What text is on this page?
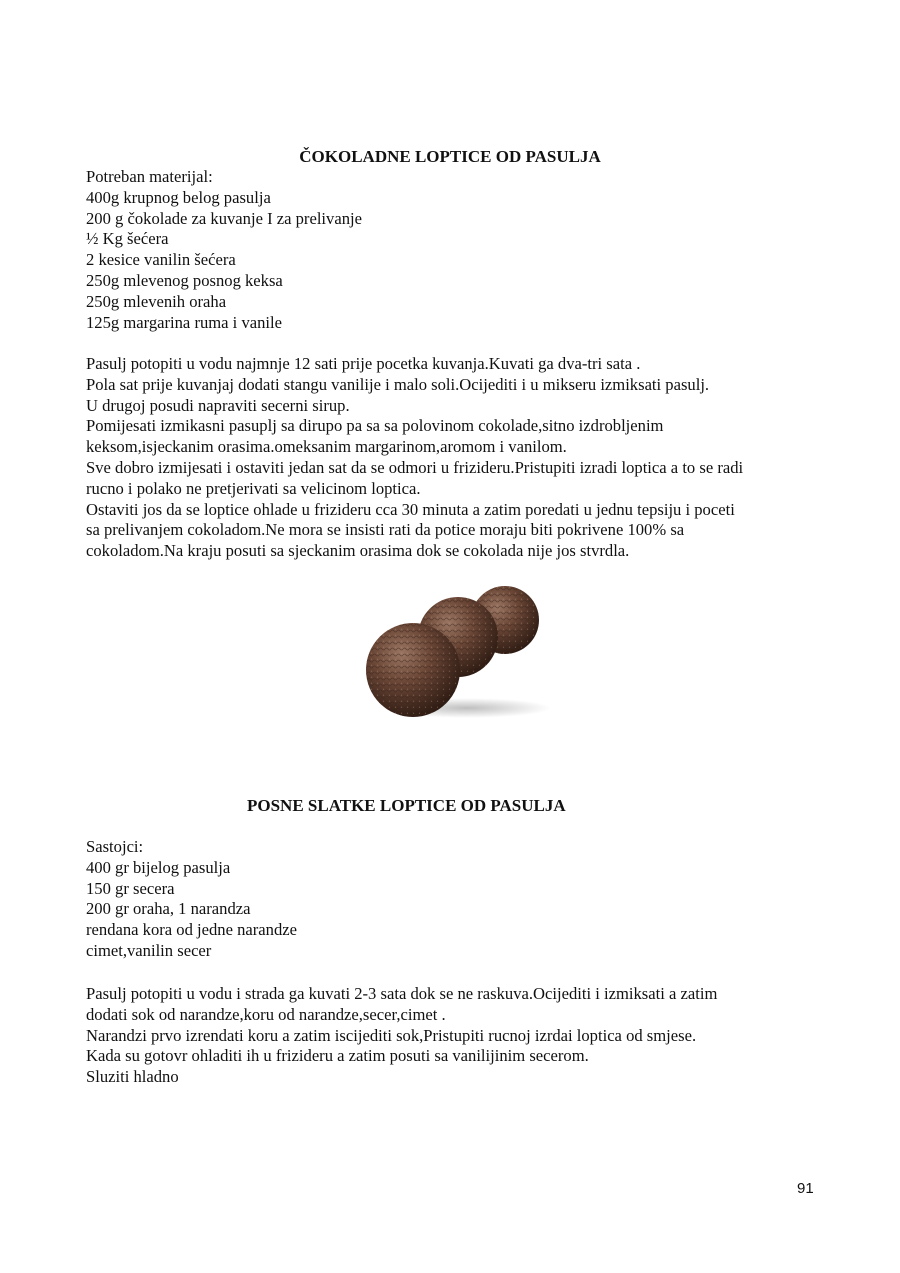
ČOKOLADNE LOPTICE OD PASULJA
Potreban materijal:
400g krupnog belog pasulja
200 g čokolade za kuvanje I za prelivanje
½ Kg šećera
2 kesice vanilin šećera
250g mlevenog posnog keksa
250g mlevenih oraha
125g margarina ruma i vanile
Pasulj potopiti u vodu najmnje 12 sati prije pocetka kuvanja.Kuvati ga dva-tri sata .
Pola sat prije kuvanjaj dodati stangu vanilije i malo soli.Ocijediti i u mikseru izmiksati pasulj.
U drugoj posudi napraviti secerni sirup.
Pomijesati izmikasni pasuplj sa dirupo pa sa sa polovinom cokolade,sitno izdrobljenim
keksom,isjeckanim orasima.omeksanim margarinom,aromom i vanilom.
Sve dobro izmijesati i ostaviti jedan sat da se odmori u frizideru.Pristupiti izradi loptica a to se radi
rucno i polako ne pretjerivati sa velicinom loptica.
Ostaviti jos da se loptice ohlade u frizideru cca 30 minuta a zatim poredati u jednu tepsiju i poceti
sa prelivanjem cokoladom.Ne mora se insisti rati da potice moraju biti pokrivene 100% sa
cokoladom.Na kraju posuti sa sjeckanim orasima dok se cokolada nije jos stvrdla.
POSNE SLATKE LOPTICE OD PASULJA
Sastojci:
400 gr bijelog pasulja
150 gr secera
200 gr oraha, 1 narandza
rendana kora od jedne narandze
cimet,vanilin secer
Pasulj potopiti u vodu i strada ga kuvati 2-3 sata dok se ne raskuva.Ocijediti i izmiksati a zatim
dodati sok od narandze,koru od narandze,secer,cimet .
Narandzi prvo izrendati koru a zatim iscijediti sok,Pristupiti rucnoj izrdai loptica od smjese.
Kada su gotovr ohladiti ih u frizideru a zatim posuti sa vanilijinim secerom.
Sluziti hladno
91
